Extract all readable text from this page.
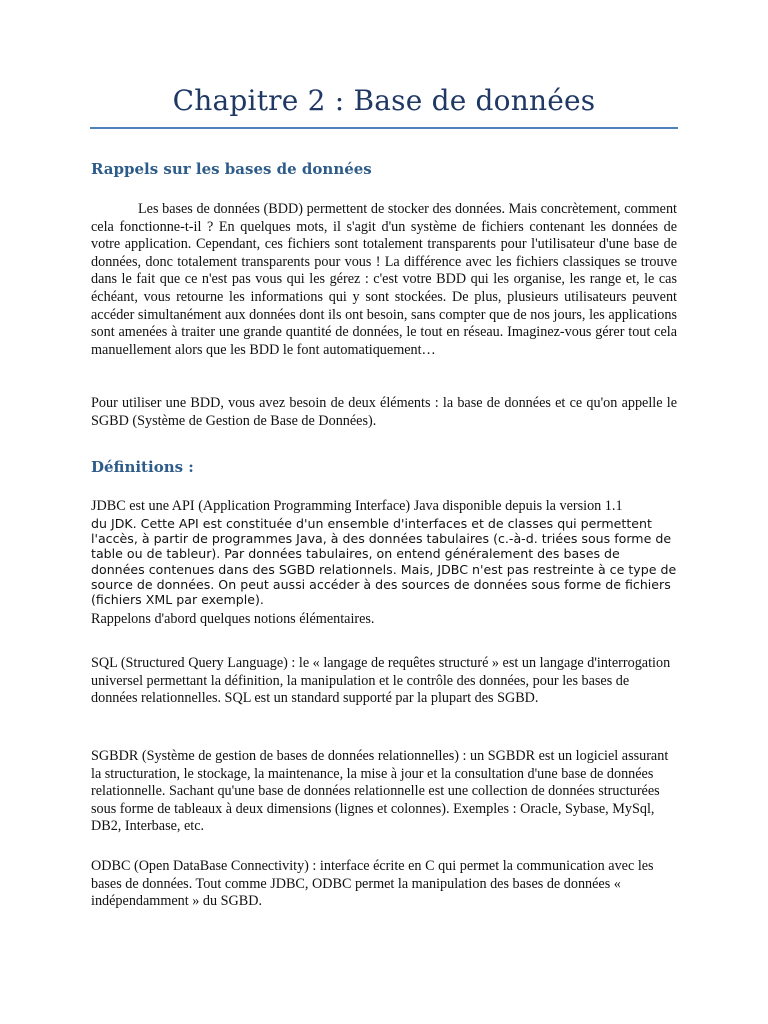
Chapitre 2 : Base de données
Rappels sur les bases de données

Les bases de données (BDD) permettent de stocker des données. Mais concrètement, comment cela fonctionne-t-il ? En quelques mots, il s'agit d'un système de fichiers contenant les données de votre application. Cependant, ces fichiers sont totalement transparents pour l'utilisateur d'une base de données, donc totalement transparents pour vous ! La différence avec les fichiers classiques se trouve dans le fait que ce n'est pas vous qui les gérez : c'est votre BDD qui les organise, les range et, le cas échéant, vous retourne les informations qui y sont stockées. De plus, plusieurs utilisateurs peuvent accéder simultanément aux données dont ils ont besoin, sans compter que de nos jours, les applications sont amenées à traiter une grande quantité de données, le tout en réseau. Imaginez-vous gérer tout cela manuellement alors que les BDD le font automatiquement…

Pour utiliser une BDD, vous avez besoin de deux éléments : la base de données et ce qu'on appelle le SGBD (Système de Gestion de Base de Données).

Définitions :

JDBC est une API (Application Programming Interface) Java disponible depuis la version 1.1

du JDK. Cette API est constituée d'un ensemble d'interfaces et de classes qui permettent l'accès, à partir de programmes Java, à des données tabulaires (c.-à-d. triées sous forme de table ou de tableur). Par données tabulaires, on entend généralement des bases de données contenues dans des SGBD relationnels. Mais, JDBC n'est pas restreinte à ce type de source de données. On peut aussi accéder à des sources de données sous forme de fichiers (fichiers XML par exemple).

Rappelons d'abord quelques notions élémentaires.

SQL (Structured Query Language) : le « langage de requêtes structuré » est un langage d'interrogation universel permettant la définition, la manipulation et le contrôle des données, pour les bases de données relationnelles. SQL est un standard supporté par la plupart des SGBD.

SGBDR (Système de gestion de bases de données relationnelles) : un SGBDR est un logiciel assurant la structuration, le stockage, la maintenance, la mise à jour et la consultation d'une base de données relationnelle. Sachant qu'une base de données relationnelle est une collection de données structurées sous forme de tableaux à deux dimensions (lignes et colonnes). Exemples : Oracle, Sybase, MySql, DB2, Interbase, etc.

ODBC (Open DataBase Connectivity) : interface écrite en C qui permet la communication avec les bases de données. Tout comme JDBC, ODBC permet la manipulation des bases de données « indépendamment » du SGBD.
